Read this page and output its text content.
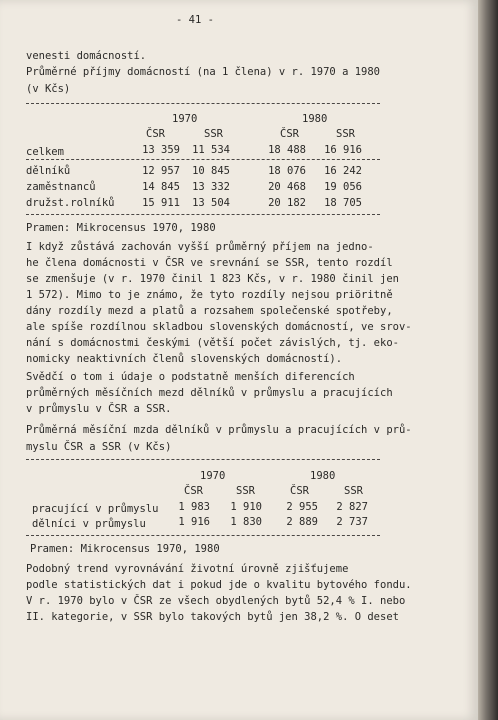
- 41 -
venesti domácností.
Průměrné příjmy domácností (na 1 člena) v r. 1970 a 1980
(v Kčs)
1970	1980
ČSR	SSR	ČSR	SSR
celkem	13 359	11 534	18 488	16 916
dělníků	12 957	10 845	18 076	16 242
zaměstnanců	14 845	13 332	20 468	19 056
družst.rolníků	15 911	13 504	20 182	18 705
Pramen: Mikrocensus 1970, 1980
I když zůstává zachován vyšší průměrný příjem na jedno-
he člena domácnosti v ČSR ve srevnání se SSR, tento rozdíl
se zmenšuje (v r. 1970 činil 1 823 Kčs, v r. 1980 činil jen
1 572). Mimo to je známo, že tyto rozdíly nejsou priöritně
dány rozdíly mezd a platů a rozsahem společenské spotřeby,
ale spíše rozdílnou skladbou slovenských domácností, ve srov-
nání s domácnostmi českými (větší počet závislých, tj. eko-
nomicky neaktivních členů slovenských domácností).
Svědčí o tom i údaje o podstatně menších diferencích
průměrných měsíčních mezd dělníků v průmyslu a pracujících
v průmyslu v ČSR a SSR.
Průměrná měsíční mzda dělníků v průmyslu a pracujících v prů-
myslu ČSR a SSR (v Kčs)
1970	1980
ČSR	SSR	ČSR	SSR
pracující v průmyslu	1 983	1 910	2 955	2 827
dělníci v průmyslu	1 916	1 830	2 889	2 737
Pramen: Mikrocensus 1970, 1980
Podobný trend vyrovnávání životní úrovně zjišťujeme
podle statistických dat i pokud jde o kvalitu bytového fondu.
V r. 1970 bylo v ČSR ze všech obydlených bytů 52,4 % I. nebo
II. kategorie, v SSR bylo takových bytů jen 38,2 %. O deset
